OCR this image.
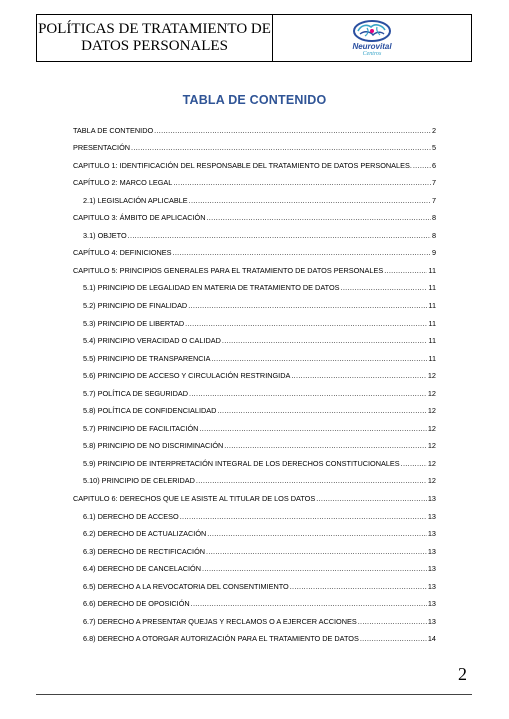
POLÍTICAS DE TRATAMIENTO DE
DATOS PERSONALES	Neurovital
Centros
TABLA DE CONTENIDO
TABLA DE CONTENIDO .....	2
PRESENTACIÓN .....	5
CAPITULO 1: IDENTIFICACIÓN DEL RESPONSABLE DEL TRATAMIENTO DE DATOS PERSONALES. .....	6
CAPÍTULO 2: MARCO LEGAL .....	7
2.1) LEGISLACIÓN APLICABLE .....	7
CAPITULO 3: ÁMBITO DE APLICACIÓN .....	8
3.1) OBJETO .....	8
CAPÍTULO 4: DEFINICIONES .....	9
CAPITULO 5: PRINCIPIOS GENERALES PARA EL TRATAMIENTO DE DATOS PERSONALES .....	11
5.1) PRINCIPIO DE LEGALIDAD EN MATERIA DE TRATAMIENTO DE DATOS .....	11
5.2) PRINCIPIO DE FINALIDAD .....	11
5.3) PRINCIPIO DE LIBERTAD .....	11
5.4) PRINCIPIO VERACIDAD O CALIDAD .....	11
5.5) PRINCIPIO DE TRANSPARENCIA .....	11
5.6) PRINCIPIO DE ACCESO Y CIRCULACIÓN RESTRINGIDA .....	12
5.7) POLÍTICA DE SEGURIDAD .....	12
5.8) POLÍTICA DE CONFIDENCIALIDAD .....	12
5.7) PRINCIPIO DE FACILITACIÓN .....	12
5.8) PRINCIPIO DE NO DISCRIMINACIÓN .....	12
5.9) PRINCIPIO DE INTERPRETACIÓN INTEGRAL DE LOS DERECHOS CONSTITUCIONALES .....	12
5.10) PRINCIPIO DE CELERIDAD .....	12
CAPITULO 6: DERECHOS QUE LE ASISTE AL TITULAR DE LOS DATOS .....	13
6.1) DERECHO DE ACCESO .....	13
6.2) DERECHO DE ACTUALIZACIÓN .....	13
6.3) DERECHO DE RECTIFICACIÓN .....	13
6.4) DERECHO DE CANCELACIÓN .....	13
6.5) DERECHO A LA REVOCATORIA DEL CONSENTIMIENTO .....	13
6.6) DERECHO DE OPOSICIÓN .....	13
6.7) DERECHO A PRESENTAR QUEJAS Y RECLAMOS O A EJERCER ACCIONES .....	13
6.8) DERECHO A OTORGAR AUTORIZACIÓN PARA EL TRATAMIENTO DE DATOS .....	14
2
